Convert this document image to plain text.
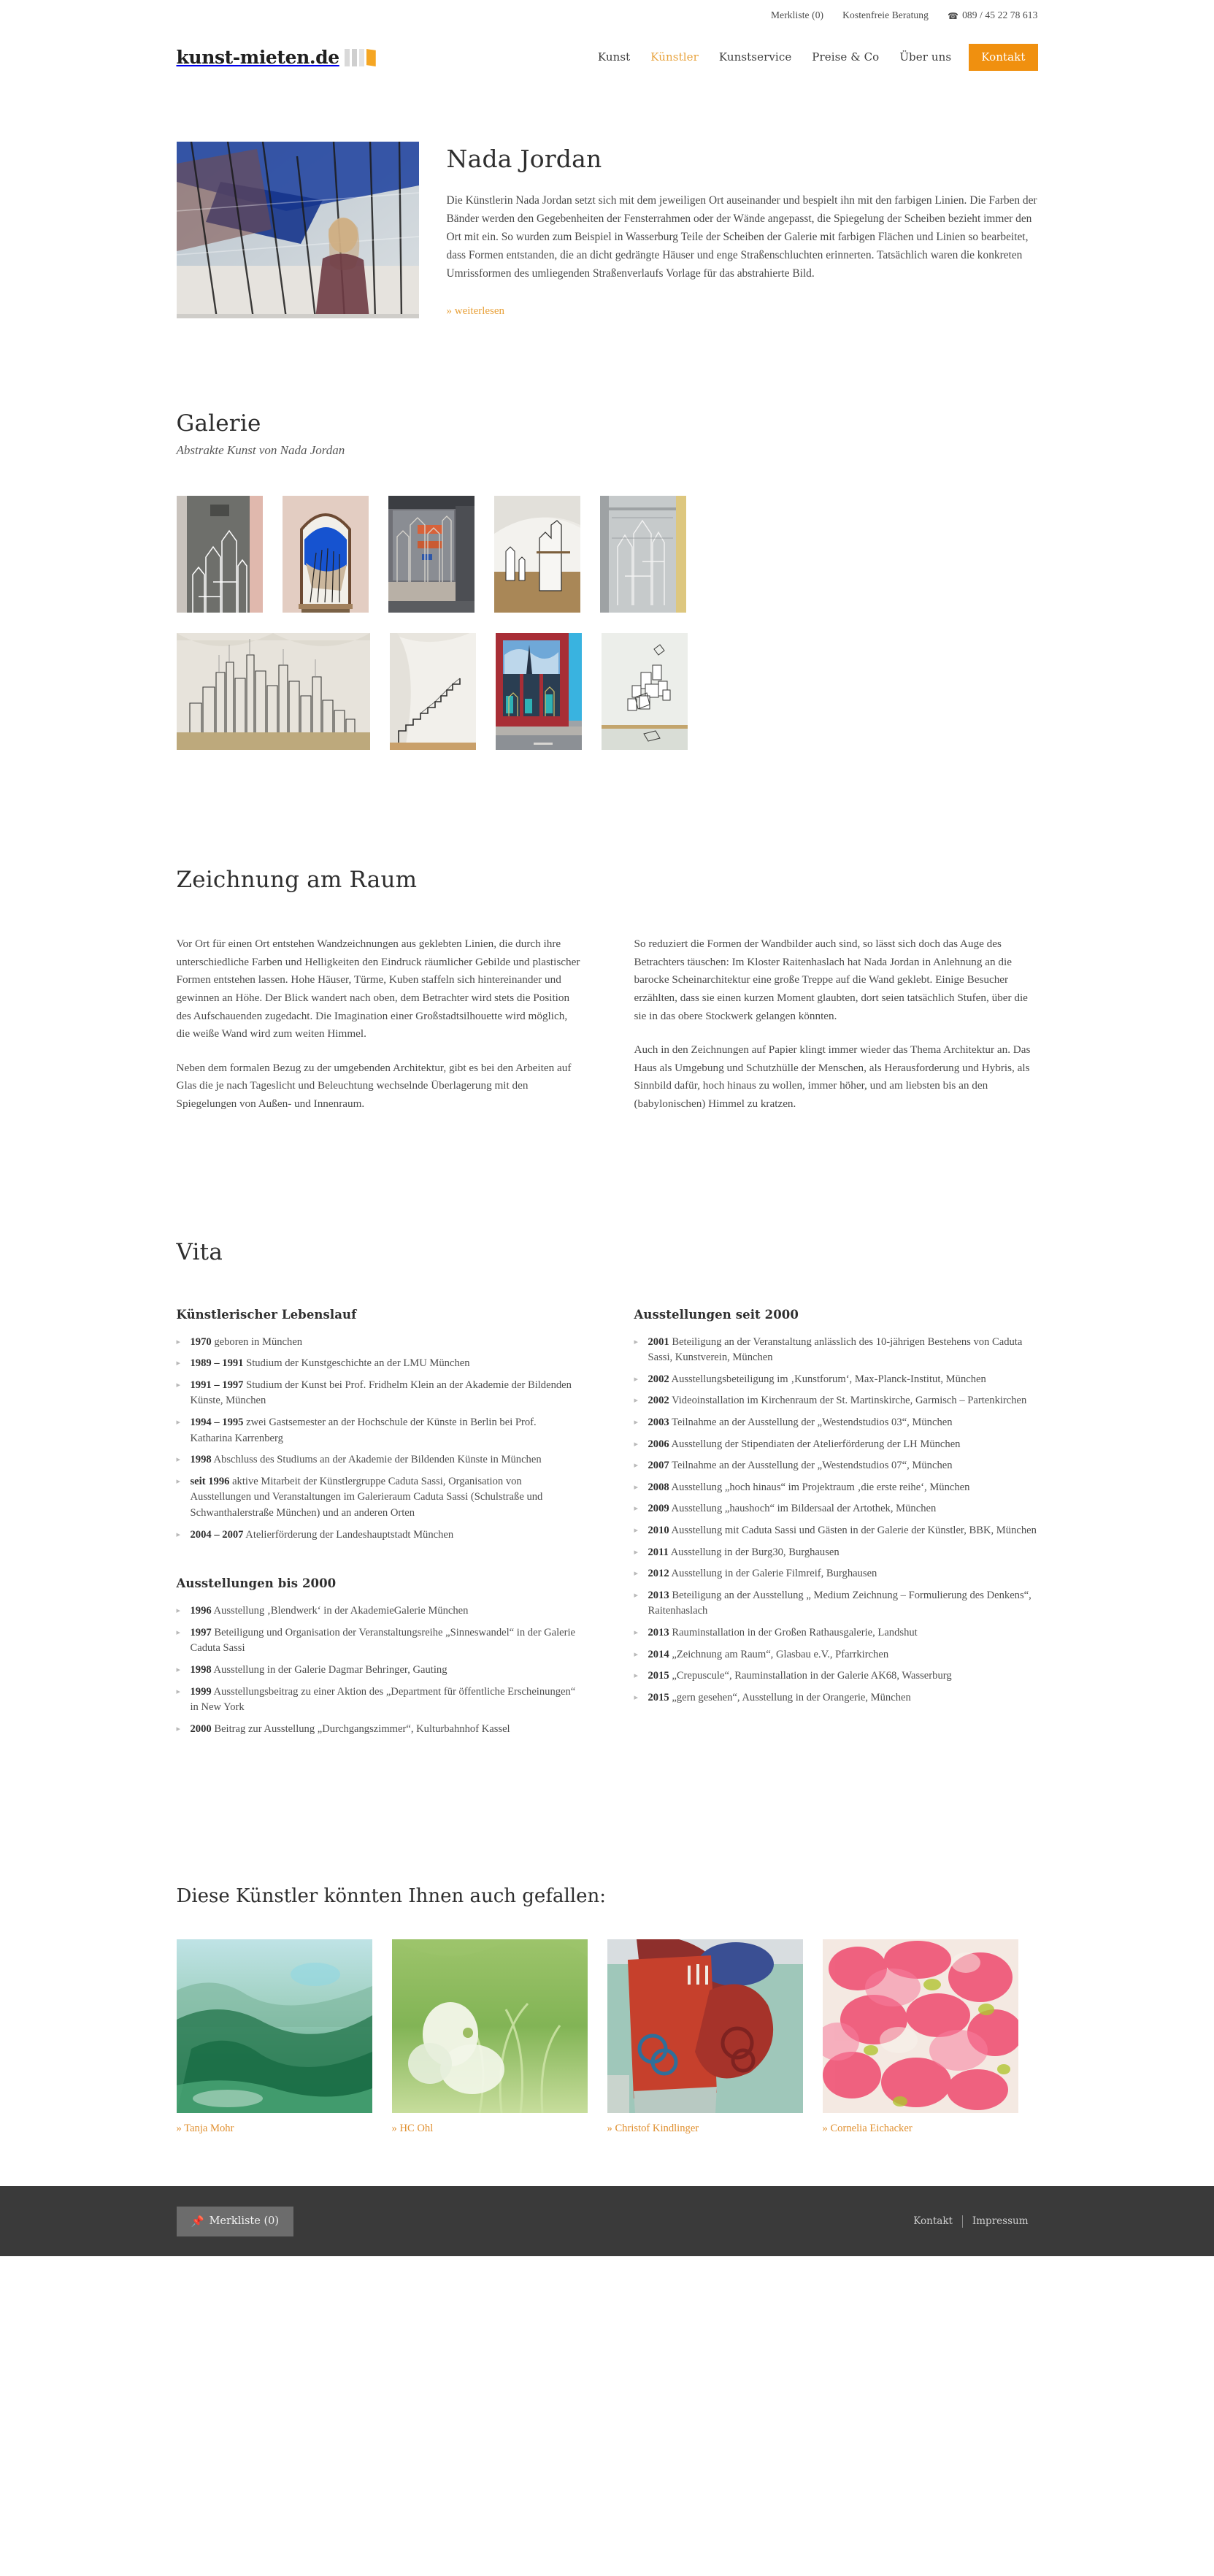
Merkliste (0) Kostenfreie Beratung ☎ 089 / 45 22 78 613
kunst-mieten.de	Kunst	Künstler	Kunstservice	Preise & Co	Über uns	Kontakt
Nada Jordan

Die Künstlerin Nada Jordan setzt sich mit dem jeweiligen Ort auseinander und bespielt ihn mit den farbigen Linien. Die Farben der Bänder werden den Gegebenheiten der Fensterrahmen oder der Wände angepasst, die Spiegelung der Scheiben bezieht immer den Ort mit ein. So wurden zum Beispiel in Wasserburg Teile der Scheiben der Galerie mit farbigen Flächen und Linien so bearbeitet, dass Formen entstanden, die an dicht gedrängte Häuser und enge Straßenschluchten erinnerten. Tatsächlich waren die konkreten Umrissformen des umliegenden Straßenverlaufs Vorlage für das abstrahierte Bild.

» weiterlesen
Galerie
Abstrakte Kunst von Nada Jordan
Zeichnung am Raum

Vor Ort für einen Ort entstehen Wandzeichnungen aus geklebten Linien, die durch ihre unterschiedliche Farben und Helligkeiten den Eindruck räumlicher Gebilde und plastischer Formen entstehen lassen. Hohe Häuser, Türme, Kuben staffeln sich hintereinander und gewinnen an Höhe. Der Blick wandert nach oben, dem Betrachter wird stets die Position des Aufschauenden zugedacht. Die Imagination einer Großstadtsilhouette wird möglich, die weiße Wand wird zum weiten Himmel.

Neben dem formalen Bezug zu der umgebenden Architektur, gibt es bei den Arbeiten auf Glas die je nach Tageslicht und Beleuchtung wechselnde Überlagerung mit den Spiegelungen von Außen- und Innenraum.

So reduziert die Formen der Wandbilder auch sind, so lässt sich doch das Auge des Betrachters täuschen: Im Kloster Raitenhaslach hat Nada Jordan in Anlehnung an die barocke Scheinarchitektur eine große Treppe auf die Wand geklebt. Einige Besucher erzählten, dass sie einen kurzen Moment glaubten, dort seien tatsächlich Stufen, über die sie in das obere Stockwerk gelangen könnten.

Auch in den Zeichnungen auf Papier klingt immer wieder das Thema Architektur an. Das Haus als Umgebung und Schutzhülle der Menschen, als Herausforderung und Hybris, als Sinnbild dafür, hoch hinaus zu wollen, immer höher, und am liebsten bis an den (babylonischen) Himmel zu kratzen.

Vita
Künstlerischer Lebenslauf
▸ 1970 geboren in München
▸ 1989 – 1991 Studium der Kunstgeschichte an der LMU München
▸ 1991 – 1997 Studium der Kunst bei Prof. Fridhelm Klein an der Akademie der Bildenden Künste, München
▸ 1994 – 1995 zwei Gastsemester an der Hochschule der Künste in Berlin bei Prof. Katharina Karrenberg
▸ 1998 Abschluss des Studiums an der Akademie der Bildenden Künste in München
▸ seit 1996 aktive Mitarbeit der Künstlergruppe Caduta Sassi, Organisation von Ausstellungen und Veranstaltungen im Galerieraum Caduta Sassi (Schulstraße und Schwanthalerstraße München) und an anderen Orten
▸ 2004 – 2007 Atelierförderung der Landeshauptstadt München
Ausstellungen bis 2000
▸ 1996 Ausstellung ‚Blendwerk‘ in der AkademieGalerie München
▸ 1997 Beteiligung und Organisation der Veranstaltungsreihe „Sinneswandel“ in der Galerie Caduta Sassi
▸ 1998 Ausstellung in der Galerie Dagmar Behringer, Gauting
▸ 1999 Ausstellungsbeitrag zu einer Aktion des „Department für öffentliche Erscheinungen“ in New York
▸ 2000 Beitrag zur Ausstellung „Durchgangszimmer“, Kulturbahnhof Kassel
Ausstellungen seit 2000
▸ 2001 Beteiligung an der Veranstaltung anlässlich des 10-jährigen Bestehens von Caduta Sassi, Kunstverein, München
▸ 2002 Ausstellungsbeteiligung im ‚Kunstforum‘, Max-Planck-Institut, München
▸ 2002 Videoinstallation im Kirchenraum der St. Martinskirche, Garmisch – Partenkirchen
▸ 2003 Teilnahme an der Ausstellung der „Westendstudios 03“, München
▸ 2006 Ausstellung der Stipendiaten der Atelierförderung der LH München
▸ 2007 Teilnahme an der Ausstellung der „Westendstudios 07“, München
▸ 2008 Ausstellung „hoch hinaus“ im Projektraum ‚die erste reihe‘, München
▸ 2009 Ausstellung „haushoch“ im Bildersaal der Artothek, München
▸ 2010 Ausstellung mit Caduta Sassi und Gästen in der Galerie der Künstler, BBK, München
▸ 2011 Ausstellung in der Burg30, Burghausen
▸ 2012 Ausstellung in der Galerie Filmreif, Burghausen
▸ 2013 Beteiligung an der Ausstellung „ Medium Zeichnung – Formulierung des Denkens“, Raitenhaslach
▸ 2013 Rauminstallation in der Großen Rathausgalerie, Landshut
▸ 2014 „Zeichnung am Raum“, Glasbau e.V., Pfarrkirchen
▸ 2015 „Crepuscule“, Rauminstallation in der Galerie AK68, Wasserburg
▸ 2015 „gern gesehen“, Ausstellung in der Orangerie, München
Diese Künstler könnten Ihnen auch gefallen:
» Tanja Mohr	» HC Ohl	» Christof Kindlinger	» Cornelia Eichacker
📌 Merkliste (0)	Kontakt	Impressum
